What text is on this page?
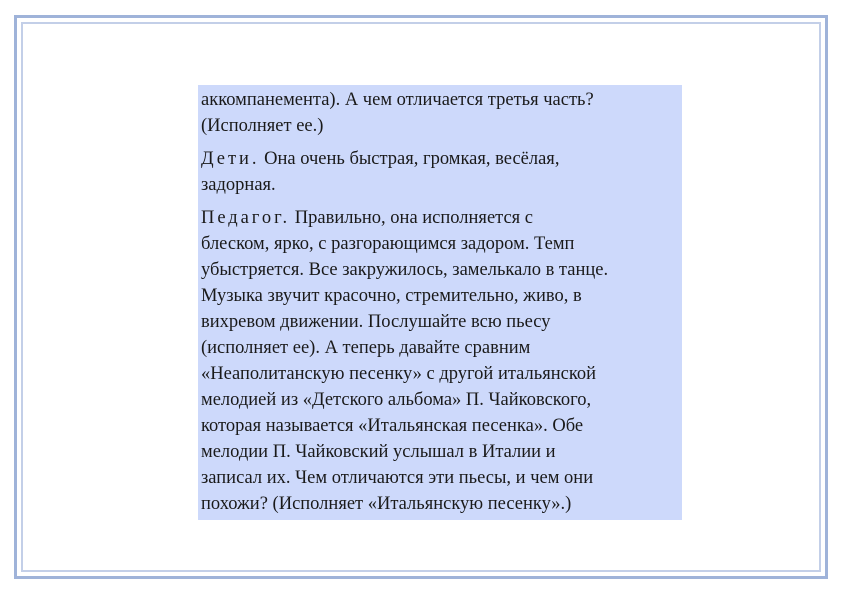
аккомпанемента). А чем отличается третья часть?
(Исполняет ее.)

Дети. Она очень быстрая, громкая, весёлая,
задорная.

Педагог. Правильно, она исполняется с
блеском, ярко, с разгорающимся задором. Темп
убыстряется. Все закружилось, замелькало в танце.
Музыка звучит красочно, стремительно, живо, в
вихревом движении. Послушайте всю пьесу
(исполняет ее). А теперь давайте сравним
«Неаполитанскую песенку» с другой итальянской
мелодией из «Детского альбома» П. Чайковского,
которая называется «Итальянская песенка». Обе
мелодии П. Чайковский услышал в Италии и
записал их. Чем отличаются эти пьесы, и чем они
похожи? (Исполняет «Итальянскую песенку».)
